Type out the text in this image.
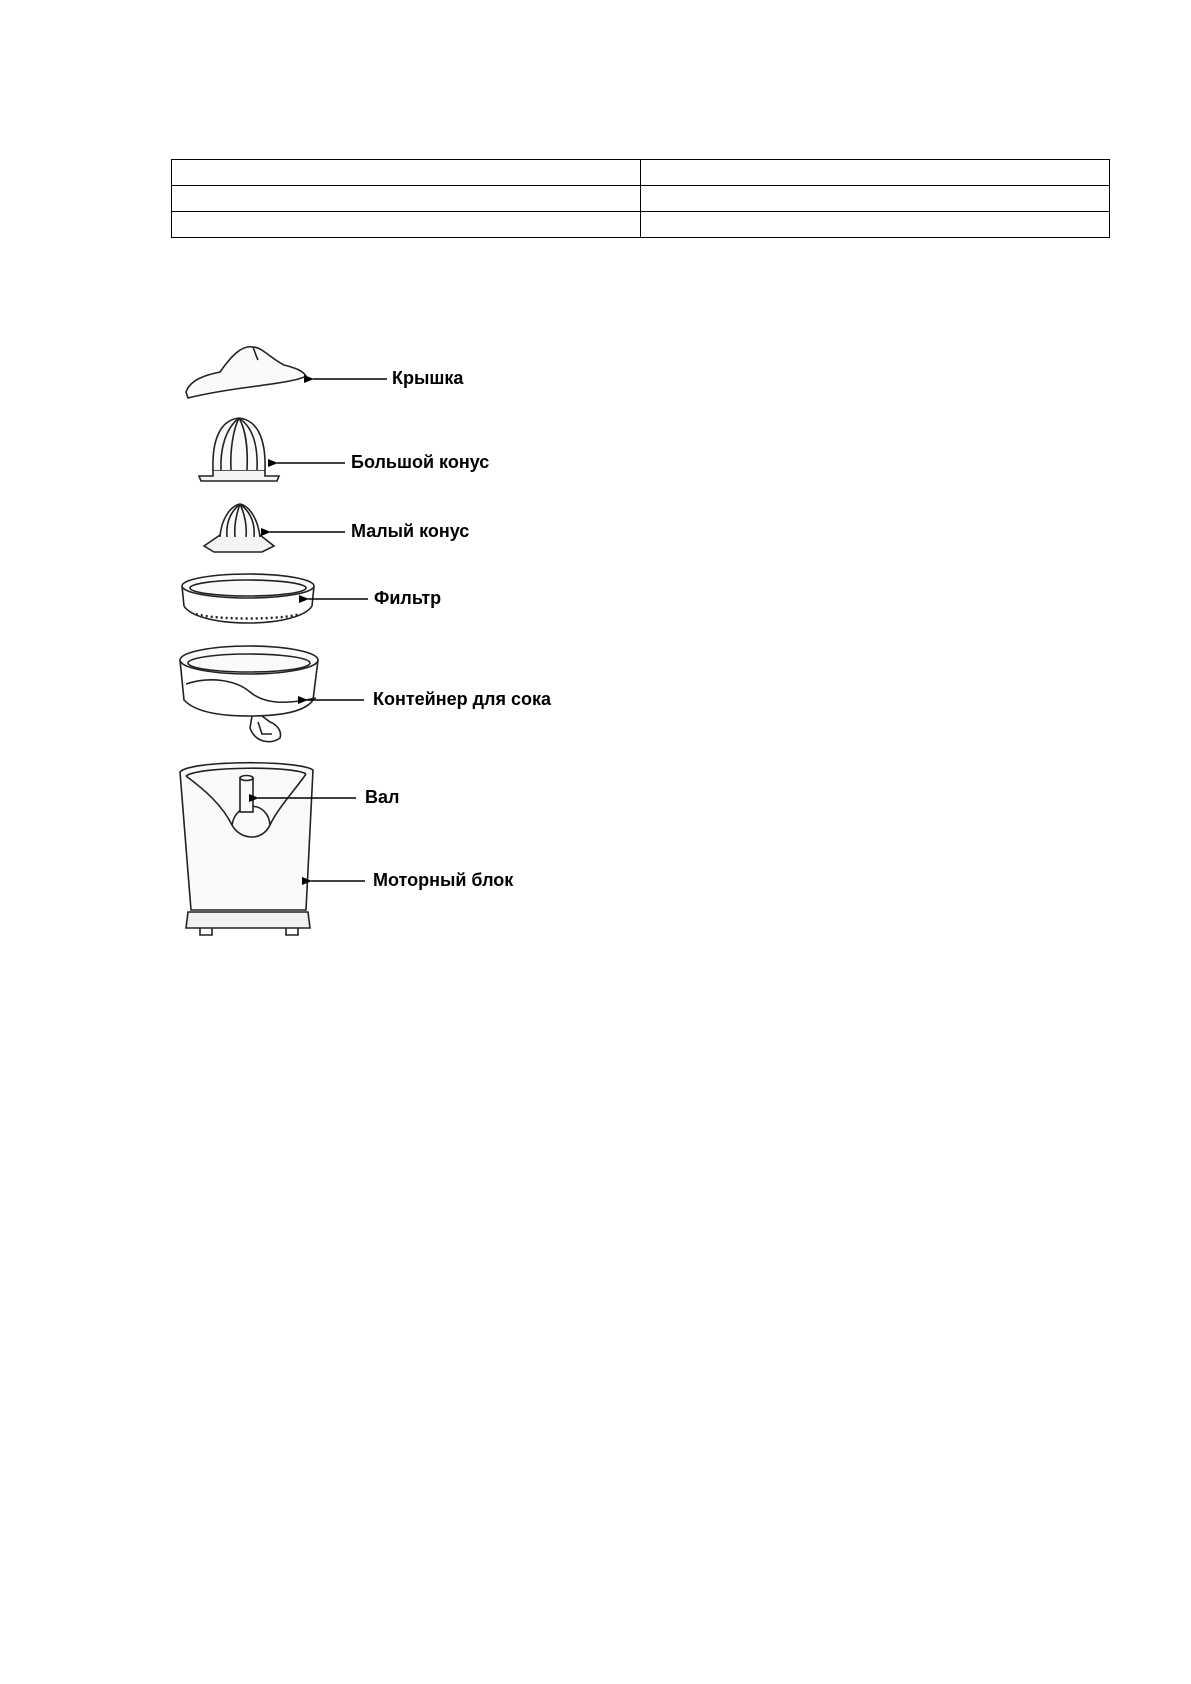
Крышка
Большой конус
Малый конус
Фильтр
Контейнер для сока
Вал
Моторный блок
